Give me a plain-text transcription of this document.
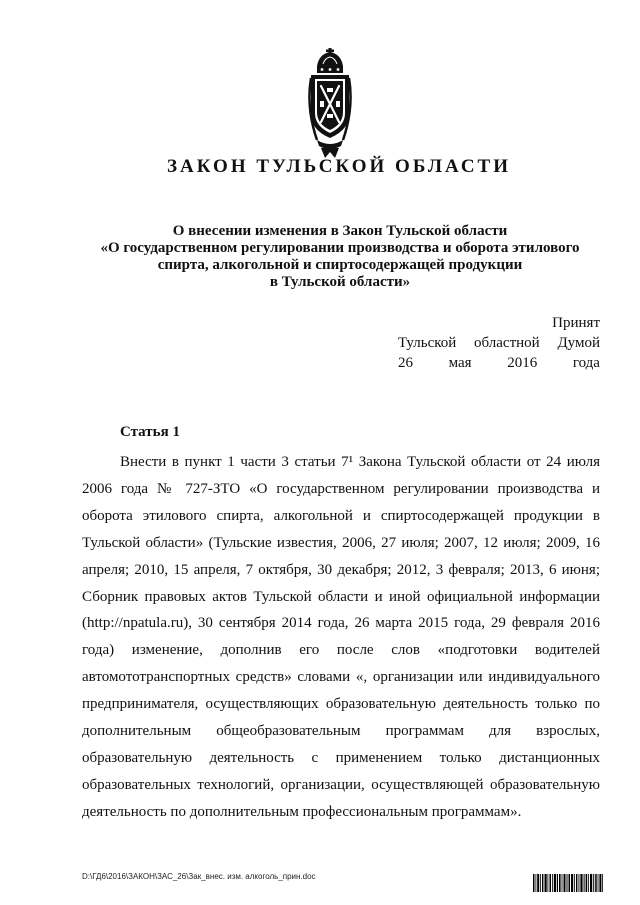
ЗАКОН ТУЛЬСКОЙ ОБЛАСТИ
О внесении изменения в Закон Тульской области
«О государственном регулировании производства и оборота этилового
спирта, алкогольной и спиртосодержащей продукции
в Тульской области»
Принят
Тульской областной Думой
26 мая 2016 года
Статья 1
Внести в пункт 1 части 3 статьи 7¹ Закона Тульской области от 24 июля
2006 года № 727-ЗТО «О государственном регулировании производства и
оборота этилового спирта, алкогольной и спиртосодержащей продукции в
Тульской области» (Тульские известия, 2006, 27 июля; 2007, 12 июля; 2009, 16
апреля; 2010, 15 апреля, 7 октября, 30 декабря; 2012, 3 февраля; 2013, 6 июня;
Сборник правовых актов Тульской области и иной официальной информации
(http://npatula.ru), 30 сентября 2014 года, 26 марта 2015 года, 29 февраля 2016
года) изменение, дополнив его после слов «подготовки водителей
автомототранспортных средств» словами «, организации или индивидуального
предпринимателя, осуществляющих образовательную деятельность только по
дополнительным общеобразовательным программам для взрослых,
образовательную деятельность с применением только дистанционных
образовательных технологий, организации, осуществляющей образовательную
деятельность по дополнительным профессиональным программам».
D:\ГД6\2016\ЗАКОН\ЗАС_26\Зак_внес. изм. алкоголь_прин.doc
